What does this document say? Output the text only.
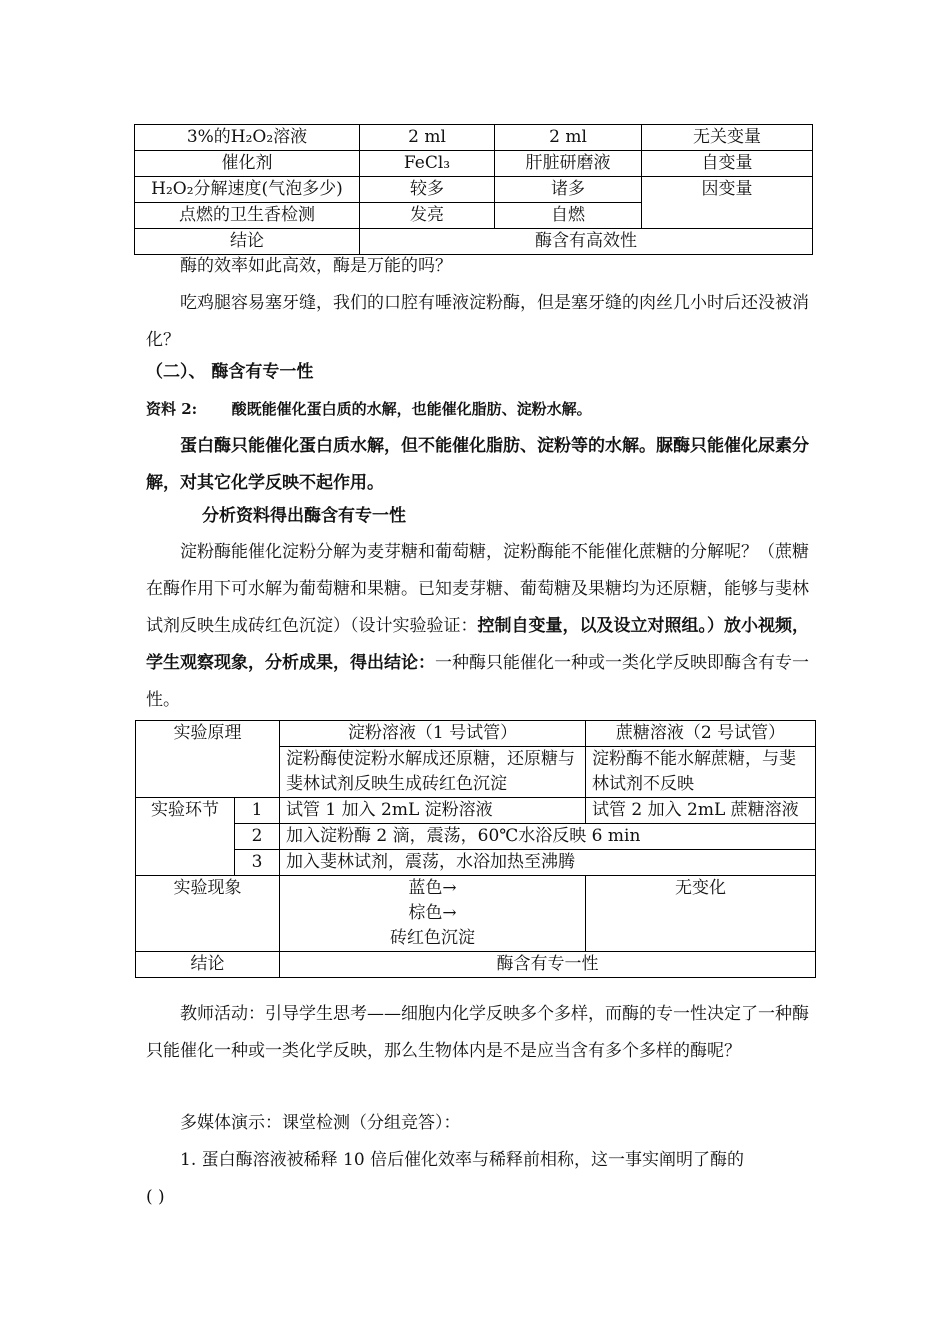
3%的H₂O₂溶液	2 ml	2 ml	无关变量
催化剂	FeCl₃	肝脏研磨液	自变量
H₂O₂分解速度(气泡多少)	较多	诸多	因变量
点燃的卫生香检测	发亮	自燃	
结论	酶含有高效性		

酶的效率如此高效，酶是万能的吗？

吃鸡腿容易塞牙缝，我们的口腔有唾液淀粉酶，但是塞牙缝的肉丝几小时后还没被消化？

（二）、 酶含有专一性

资料 2: 酸既能催化蛋白质的水解，也能催化脂肪、淀粉水解。

蛋白酶只能催化蛋白质水解，但不能催化脂肪、淀粉等的水解。脲酶只能催化尿素分解，对其它化学反映不起作用。

分析资料得出酶含有专一性

淀粉酶能催化淀粉分解为麦芽糖和葡萄糖，淀粉酶能不能催化蔗糖的分解呢？（蔗糖在酶作用下可水解为葡萄糖和果糖。已知麦芽糖、葡萄糖及果糖均为还原糖，能够与斐林试剂反映生成砖红色沉淀）（设计实验验证：控制自变量，以及设立对照组。）放小视频，学生观察现象，分析成果，得出结论：一种酶只能催化一种或一类化学反映即酶含有专一性。

实验原理		淀粉溶液（1 号试管）	蔗糖溶液（2 号试管）
		淀粉酶使淀粉水解成还原糖，还原糖与斐林试剂反映生成砖红色沉淀	淀粉酶不能水解蔗糖，与斐林试剂不反映
实验环节	1	试管 1 加入 2mL 淀粉溶液	试管 2 加入 2mL 蔗糖溶液
	2	加入淀粉酶 2 滴，震荡，60℃水浴反映 6 min	
	3	加入斐林试剂，震荡，水浴加热至沸腾	
实验现象		蓝色→
棕色→
砖红色沉淀	无变化
结论		酶含有专一性	

教师活动：引导学生思考——细胞内化学反映多个多样，而酶的专一性决定了一种酶只能催化一种或一类化学反映，那么生物体内是不是应当含有多个多样的酶呢？

多媒体演示：课堂检测（分组竞答）：

1. 蛋白酶溶液被稀释 10 倍后催化效率与稀释前相称，这一事实阐明了酶的

( )
